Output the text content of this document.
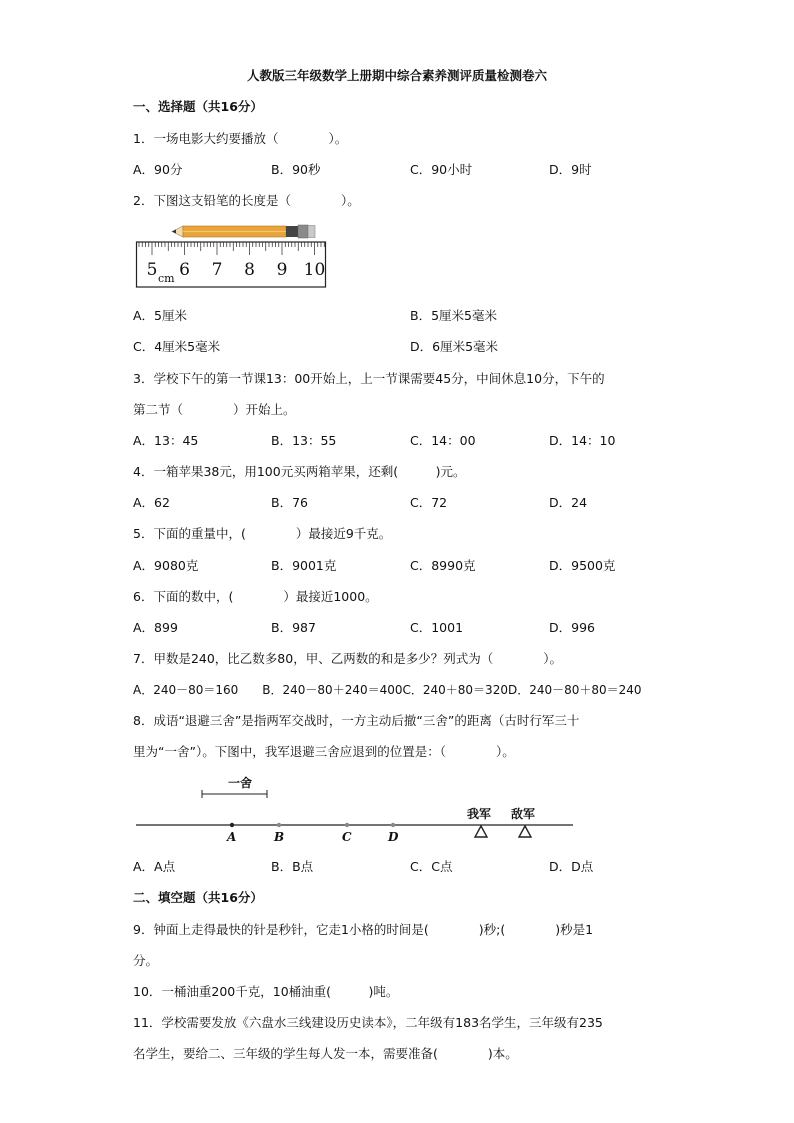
人教版三年级数学上册期中综合素养测评质量检测卷六
一、选择题（共16分）
1．一场电影大约要播放（　　　　）。
A．90分	B．90秒	C．90小时	D．9时
2．下图这支铅笔的长度是（　　　　）。
5 6 7 8 9 10
cm
A．5厘米	B．5厘米5毫米
C．4厘米5毫米	D．6厘米5毫米
3．学校下午的第一节课13：00开始上，上一节课需要45分，中间休息10分，下午的
第二节（　　　　）开始上。
A．13：45	B．13：55	C．14：00	D．14：10
4．一箱苹果38元，用100元买两箱苹果，还剩(　　　)元。
A．62	B．76	C．72	D．24
5．下面的重量中，(　　　　）最接近9千克。
A．9080克	B．9001克	C．8990克	D．9500克
6．下面的数中，(　　　　）最接近1000。
A．899	B．987	C．1001	D．996
7．甲数是240，比乙数多80，甲、乙两数的和是多少？列式为（　　　　）。
A．240－80＝160　　B．240－80＋240＝400C．240＋80＝320D．240－80＋80＝240
8．成语“退避三舍”是指两军交战时，一方主动后撤“三舍”的距离（古时行军三十
里为“一舍”）。下图中，我军退避三舍应退到的位置是：（　　　　）。
一舍
A	B	C	D
我军 敌军
A．A点	B．B点	C．C点	D．D点
二、填空题（共16分）
9．钟面上走得最快的针是秒针，它走1小格的时间是(　　　　)秒;(　　　　)秒是1
分。
10．一桶油重200千克，10桶油重(　　　)吨。
11．学校需要发放《六盘水三线建设历史读本》，二年级有183名学生，三年级有235
名学生，要给二、三年级的学生每人发一本，需要准备(　　　　)本。
